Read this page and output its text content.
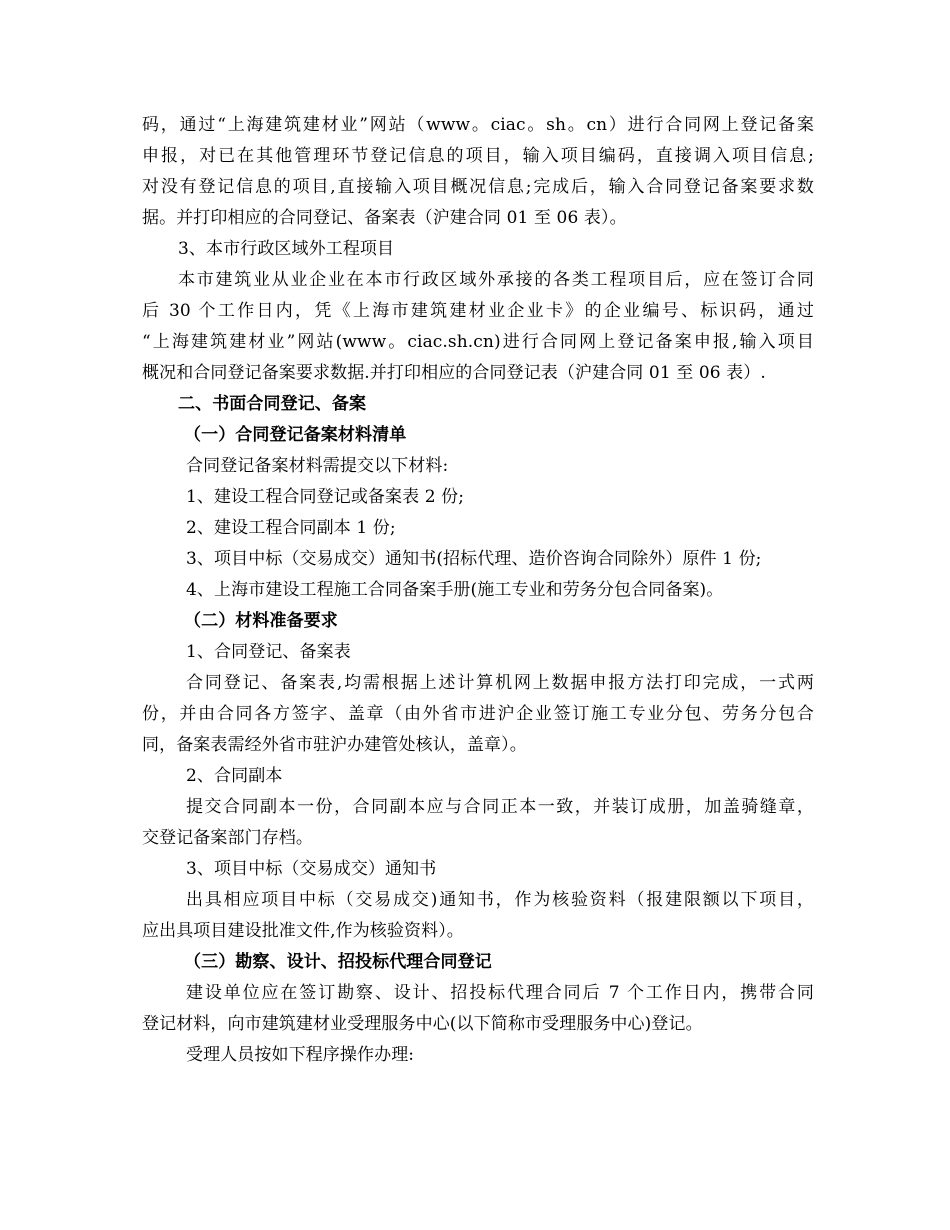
码，通过“上海建筑建材业”网站（www。ciac。sh。cn）进行合同网上登记备案
申报，对已在其他管理环节登记信息的项目，输入项目编码，直接调入项目信息;
对没有登记信息的项目,直接输入项目概况信息;完成后，输入合同登记备案要求数
据。并打印相应的合同登记、备案表（沪建合同 01 至 06 表）。
3、本市行政区域外工程项目
本市建筑业从业企业在本市行政区域外承接的各类工程项目后，应在签订合同
后 30 个工作日内，凭《上海市建筑建材业企业卡》的企业编号、标识码，通过
“上海建筑建材业”网站(www。ciac.sh.cn)进行合同网上登记备案申报,输入项目
概况和合同登记备案要求数据.并打印相应的合同登记表（沪建合同 01 至 06 表）.
二、书面合同登记、备案
（一）合同登记备案材料清单
合同登记备案材料需提交以下材料:
1、建设工程合同登记或备案表 2 份;
2、建设工程合同副本 1 份;
3、项目中标（交易成交）通知书(招标代理、造价咨询合同除外）原件 1 份;
4、上海市建设工程施工合同备案手册(施工专业和劳务分包合同备案)。
（二）材料准备要求
1、合同登记、备案表
合同登记、备案表,均需根据上述计算机网上数据申报方法打印完成，一式两
份，并由合同各方签字、盖章（由外省市进沪企业签订施工专业分包、劳务分包合
同，备案表需经外省市驻沪办建管处核认，盖章）。
2、合同副本
提交合同副本一份，合同副本应与合同正本一致，并装订成册，加盖骑缝章，
交登记备案部门存档。
3、项目中标（交易成交）通知书
出具相应项目中标（交易成交)通知书，作为核验资料（报建限额以下项目，
应出具项目建设批准文件,作为核验资料）。
（三）勘察、设计、招投标代理合同登记
建设单位应在签订勘察、设计、招投标代理合同后 7 个工作日内，携带合同
登记材料，向市建筑建材业受理服务中心(以下简称市受理服务中心)登记。
受理人员按如下程序操作办理:
